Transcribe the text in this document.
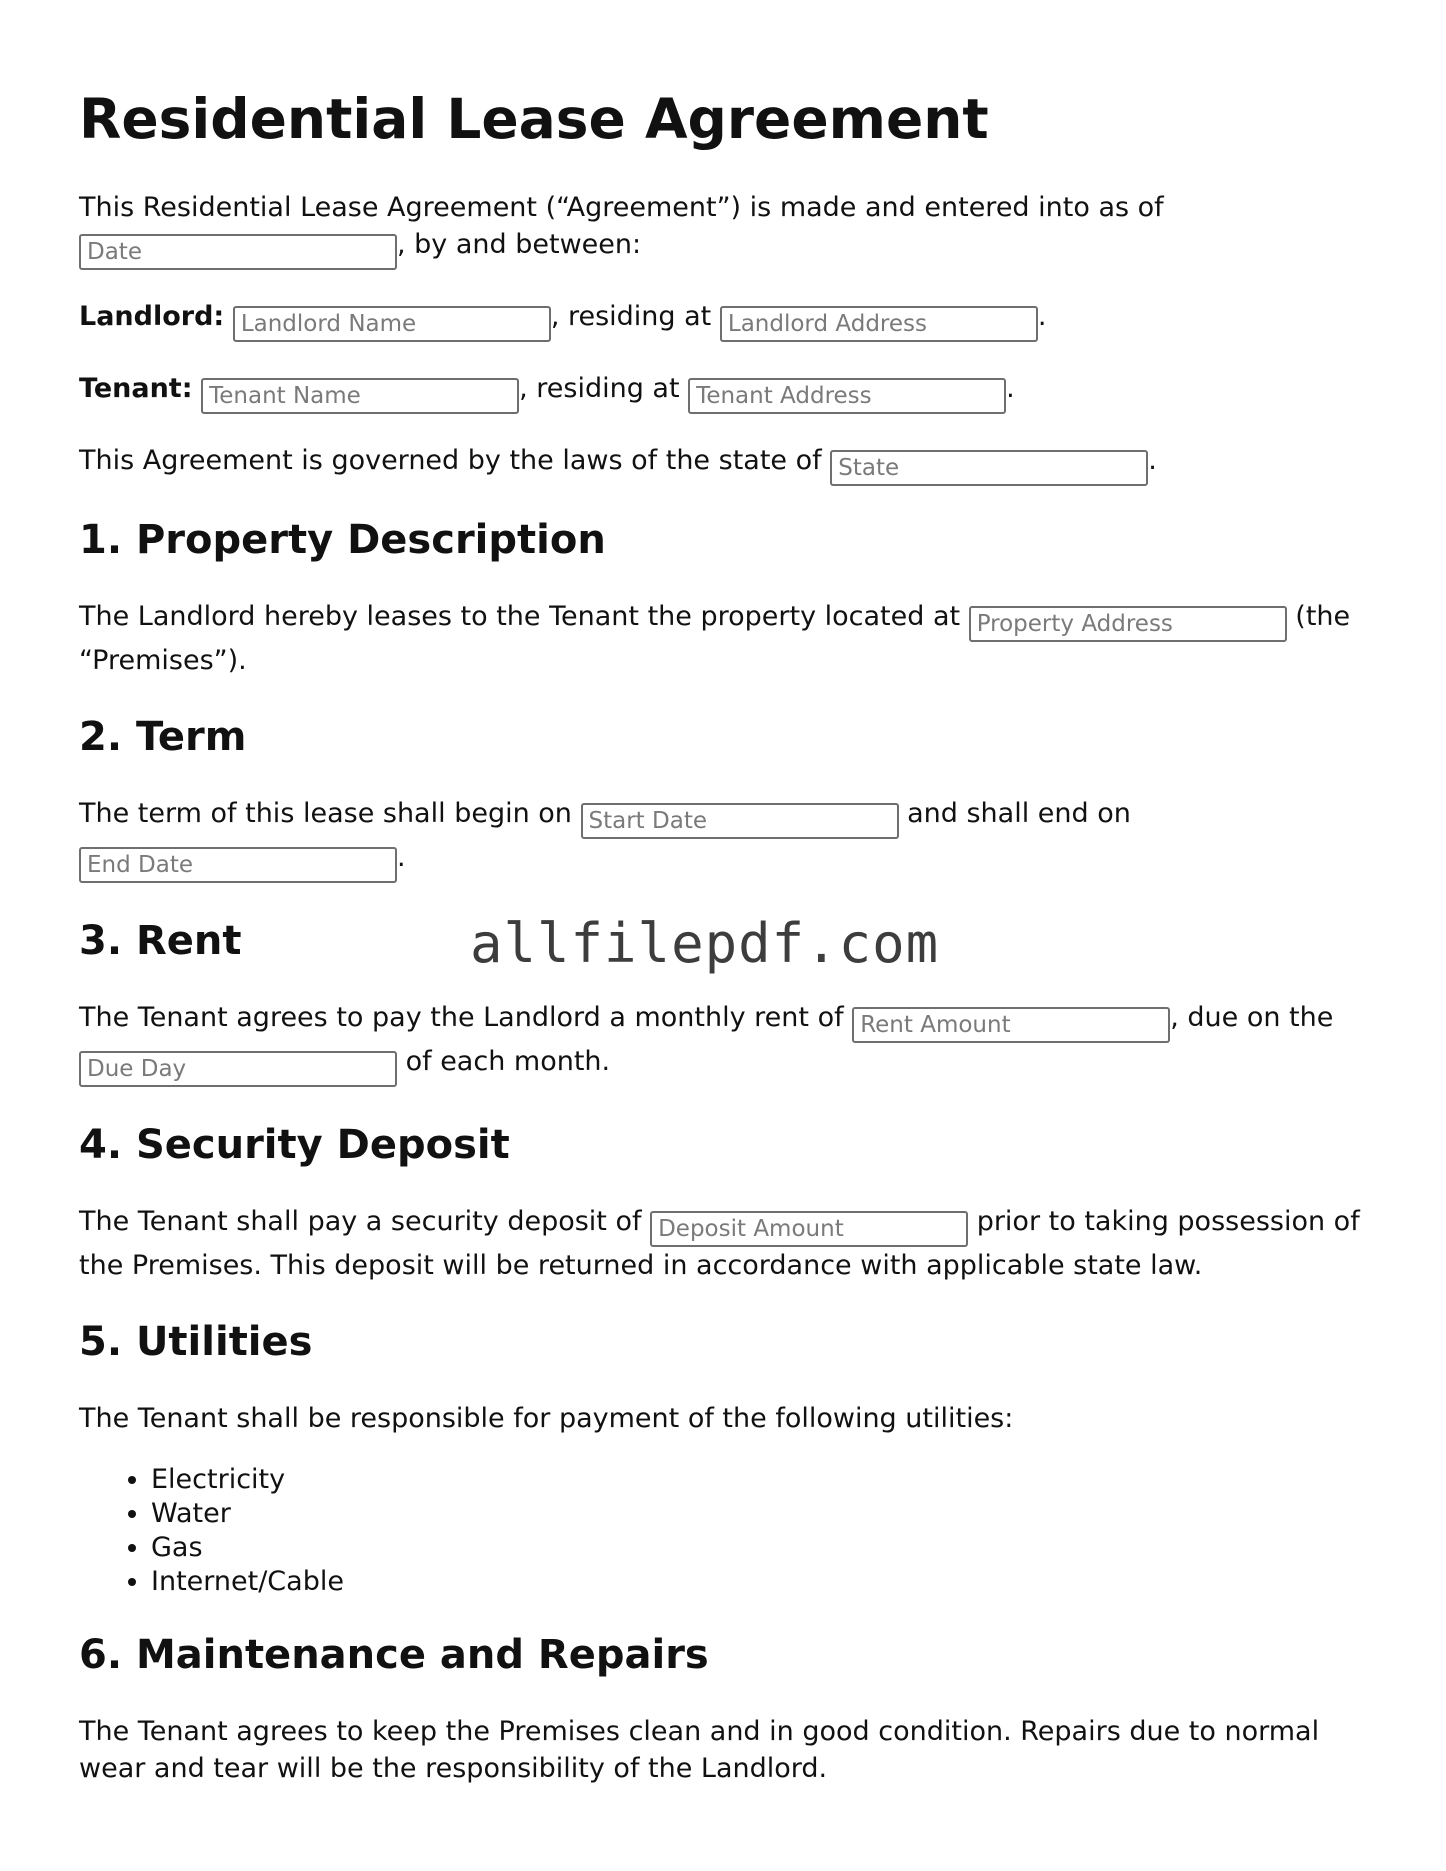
Residential Lease Agreement

This Residential Lease Agreement (“Agreement”) is made and entered into as of Date, by and between:

Landlord: Landlord Name	, residing at Landlord Address	.

Tenant: Tenant Name	, residing at Tenant Address	.

This Agreement is governed by the laws of the state of State	.

1. Property Description

The Landlord hereby leases to the Tenant the property located at Property Address	(the “Premises”).

2. Term

The term of this lease shall begin on Start Date	and shall end on End Date.

3. Rent

The Tenant agrees to pay the Landlord a monthly rent of Rent Amount	, due on the Due Day of each month.

4. Security Deposit

The Tenant shall pay a security deposit of Deposit Amount	prior to taking possession of the Premises. This deposit will be returned in accordance with applicable state law.

5. Utilities

The Tenant shall be responsible for payment of the following utilities:

• Electricity
• Water
• Gas
• Internet/Cable
6. Maintenance and Repairs

The Tenant agrees to keep the Premises clean and in good condition. Repairs due to normal wear and tear will be the responsibility of the Landlord.

allfilepdf.com
